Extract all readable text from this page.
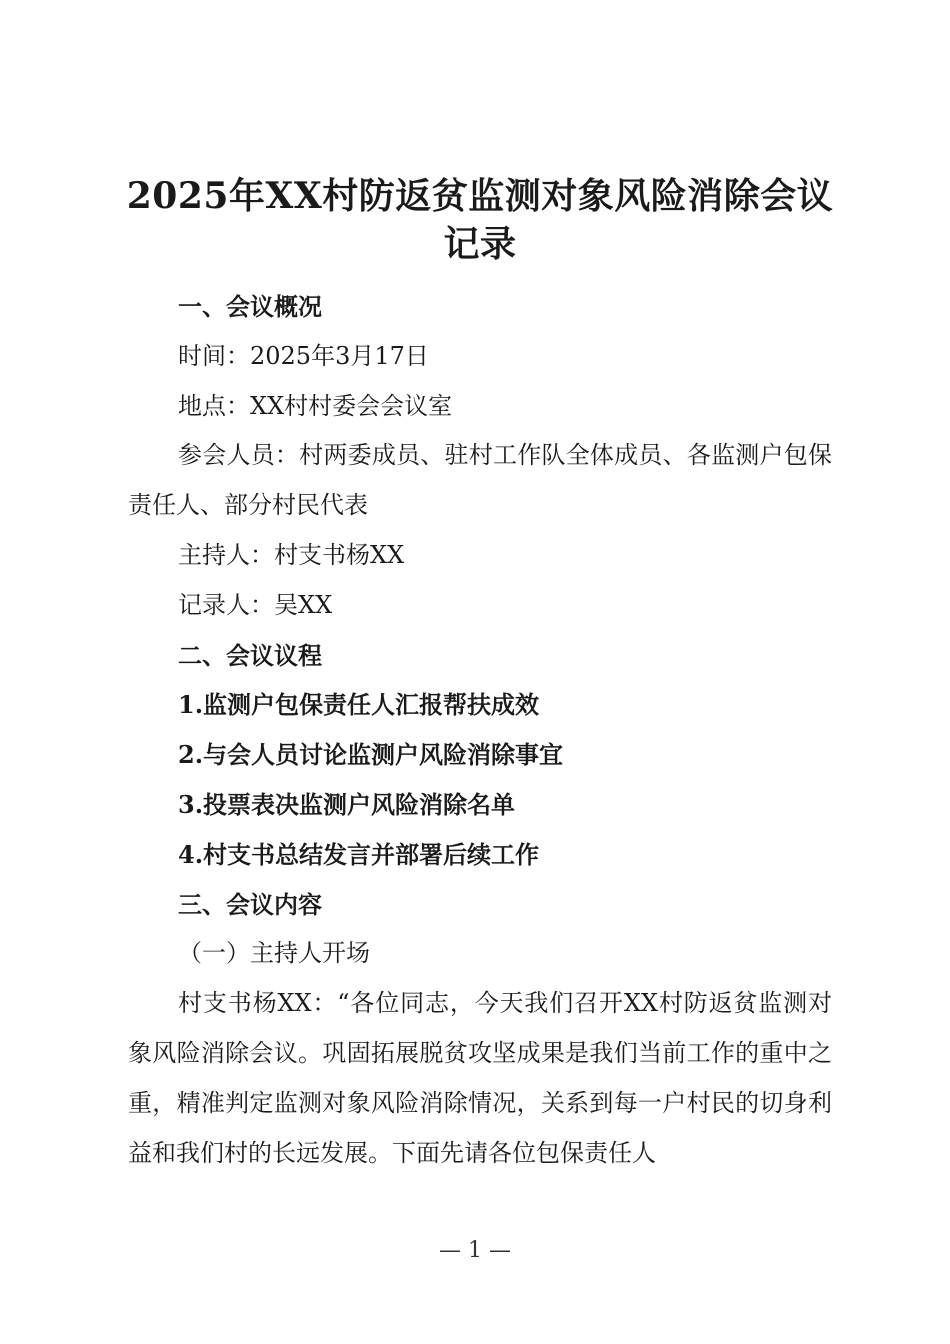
2025年XX村防返贫监测对象风险消除会议记录

一、会议概况

时间：2025年3月17日

地点：XX村村委会会议室

参会人员：村两委成员、驻村工作队全体成员、各监测户包保责任人、部分村民代表

主持人：村支书杨XX

记录人：吴XX

二、会议议程

1.监测户包保责任人汇报帮扶成效

2.与会人员讨论监测户风险消除事宜

3.投票表决监测户风险消除名单

4.村支书总结发言并部署后续工作

三、会议内容

（一）主持人开场

村支书杨XX：“各位同志，今天我们召开XX村防返贫监测对象风险消除会议。巩固拓展脱贫攻坚成果是我们当前工作的重中之重，精准判定监测对象风险消除情况，关系到每一户村民的切身利益和我们村的长远发展。下面先请各位包保责任人

— 1 —
